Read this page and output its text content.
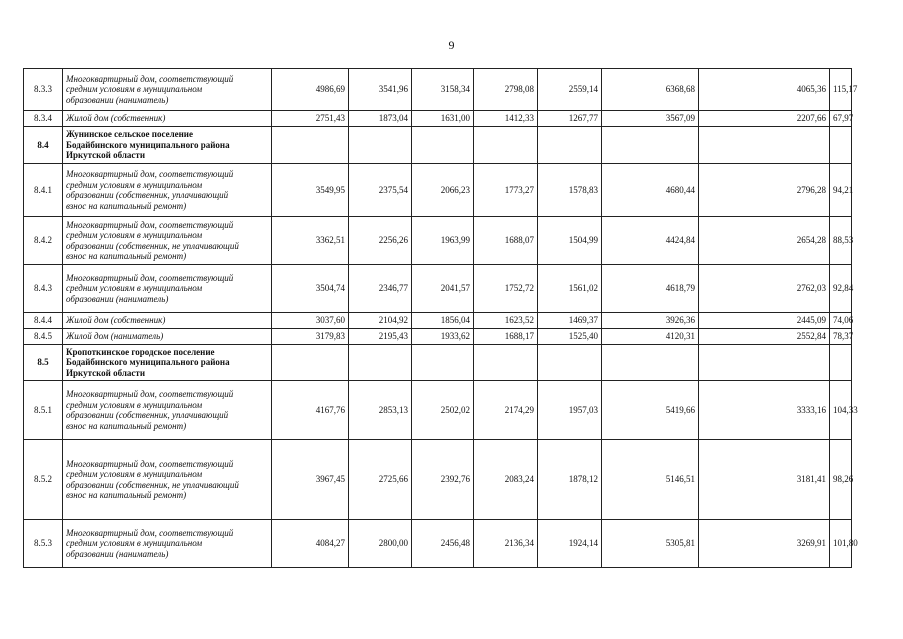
9
8.3.3	Многоквартирный дом, соответствующий
средним условиям в муниципальном
образовании (наниматель)	4986,69	3541,96	3158,34	2798,08	2559,14	6368,68	4065,36	115,17
8.3.4	Жилой дом (собственник)	2751,43	1873,04	1631,00	1412,33	1267,77	3567,09	2207,66	67,97
8.4	Жунинское сельское поселение
Бодайбинского муниципального района
Иркутской области								

8.4.1	Многоквартирный дом, соответствующий
средним условиям в муниципальном
образовании (собственник, уплачивающий
взнос на капитальный ремонт)	3549,95	2375,54	2066,23	1773,27	1578,83	4680,44	2796,28	94,21
8.4.2	Многоквартирный дом, соответствующий
средним условиям в муниципальном
образовании (собственник, не уплачивающий
взнос на капитальный ремонт)	3362,51	2256,26	1963,99	1688,07	1504,99	4424,84	2654,28	88,53
8.4.3	Многоквартирный дом, соответствующий
средним условиям в муниципальном
образовании (наниматель)	3504,74	2346,77	2041,57	1752,72	1561,02	4618,79	2762,03	92,84
8.4.4	Жилой дом (собственник)	3037,60	2104,92	1856,04	1623,52	1469,37	3926,36	2445,09	74,06
8.4.5	Жилой дом (наниматель)	3179,83	2195,43	1933,62	1688,17	1525,40	4120,31	2552,84	78,37
8.5	Кропоткинское городское поселение
Бодайбинского муниципального района
Иркутской области								

8.5.1	Многоквартирный дом, соответствующий
средним условиям в муниципальном
образовании (собственник, уплачивающий
взнос на капитальный ремонт)	4167,76	2853,13	2502,02	2174,29	1957,03	5419,66	3333,16	104,33
8.5.2	Многоквартирный дом, соответствующий
средним условиям в муниципальном
образовании (собственник, не уплачивающий
взнос на капитальный ремонт)	3967,45	2725,66	2392,76	2083,24	1878,12	5146,51	3181,41	98,26
8.5.3	Многоквартирный дом, соответствующий
средним условиям в муниципальном
образовании (наниматель)	4084,27	2800,00	2456,48	2136,34	1924,14	5305,81	3269,91	101,80
